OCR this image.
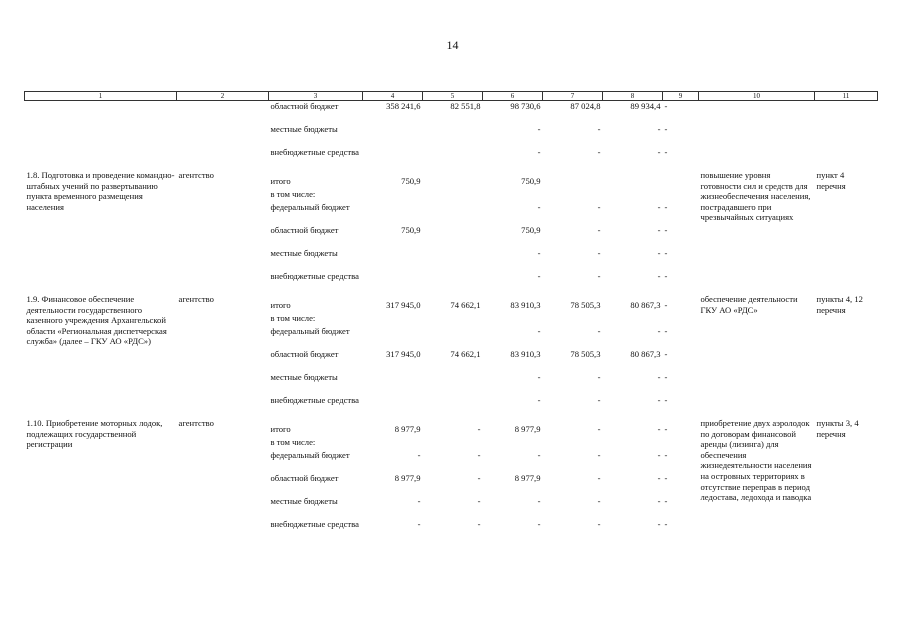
14
1	2	3	4	5	6	7	8	9	10	11
		областной бюджет	358 241,6	82 551,8	98 730,6	87 024,8	89 934,4	-		
		местные бюджеты			-	-	-	-		
		внебюджетные средства			-	-	-	-		
1.8. Подготовка и проведение командно-штабных учений по развертыванию пункта временного размещения населения	агентство	итого	750,9		750,9				повышение уровня готовности сил и средств для жизнеобеспечения населения, пострадавшего при чрезвычайных ситуациях	пункт 4 перечня
		в том числе:								
		федеральный бюджет			-	-	-	-		
		областной бюджет	750,9		750,9	-	-	-		
		местные бюджеты			-	-	-	-		
		внебюджетные средства			-	-	-	-		
1.9. Финансовое обеспечение деятельности государственного казенного учреждения Архангельской области «Региональная диспетчерская служба» (далее – ГКУ АО «РДС»)	агентство	итого	317 945,0	74 662,1	83 910,3	78 505,3	80 867,3	-	обеспечение деятельности ГКУ АО «РДС»	пункты 4, 12 перечня
		в том числе:								
		федеральный бюджет			-	-	-	-		
		областной бюджет	317 945,0	74 662,1	83 910,3	78 505,3	80 867,3	-		
		местные бюджеты			-	-	-	-		
		внебюджетные средства			-	-	-	-		
1.10. Приобретение моторных лодок, подлежащих государственной регистрации	агентство	итого	8 977,9	-	8 977,9	-	-	-	приобретение двух аэролодок по договорам финансовой аренды (лизинга) для обеспечения жизнедеятельности населения на островных территориях в отсутствие переправ в период ледостава, ледохода и паводка	пункты 3, 4 перечня
		в том числе:								
		федеральный бюджет	-	-	-	-	-	-		
		областной бюджет	8 977,9	-	8 977,9	-	-	-		
		местные бюджеты	-	-	-	-	-	-		
		внебюджетные средства	-	-	-	-	-	-		
